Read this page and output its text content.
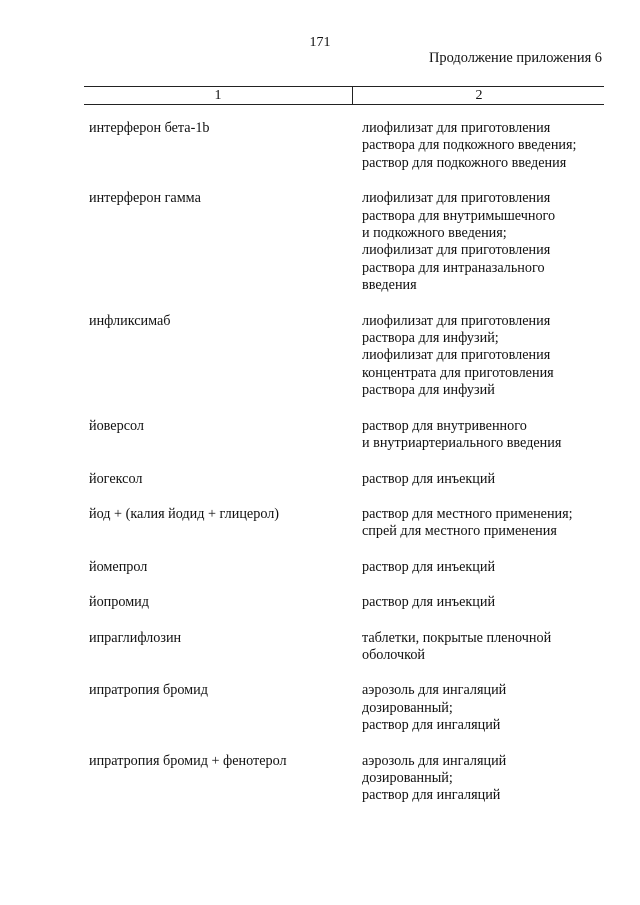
171
Продолжение приложения 6
1	2
интерферон бета-1b	лиофилизат для приготовления
раствора для подкожного введения;
раствор для подкожного введения
интерферон гамма	лиофилизат для приготовления
раствора для внутримышечного
и подкожного введения;
лиофилизат для приготовления
раствора для интраназального
введения
инфликсимаб	лиофилизат для приготовления
раствора для инфузий;
лиофилизат для приготовления
концентрата для приготовления
раствора для инфузий
йоверсол	раствор для внутривенного
и внутриартериального введения
йогексол	раствор для инъекций
йод + (калия йодид + глицерол)	раствор для местного применения;
спрей для местного применения
йомепрол	раствор для инъекций
йопромид	раствор для инъекций
ипраглифлозин	таблетки, покрытые пленочной
оболочкой
ипратропия бромид	аэрозоль для ингаляций
дозированный;
раствор для ингаляций
ипратропия бромид + фенотерол	аэрозоль для ингаляций
дозированный;
раствор для ингаляций
